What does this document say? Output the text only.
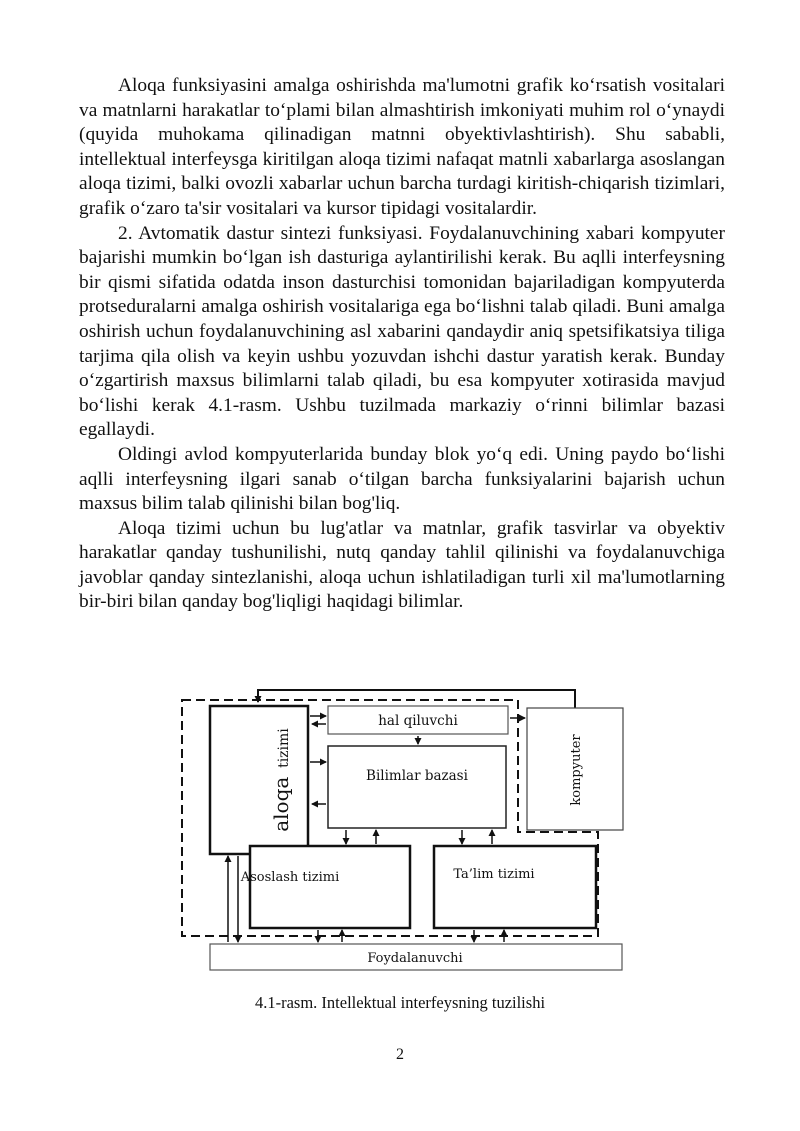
Aloqa funksiyasini amalga oshirishda ma'lumotni grafik koʻrsatish vositalari va matnlarni harakatlar toʻplami bilan almashtirish imkoniyati muhim rol oʻynaydi (quyida muhokama qilinadigan matnni obyektivlashtirish). Shu sababli, intellektual interfeysga kiritilgan aloqa tizimi nafaqat matnli xabarlarga asoslangan aloqa tizimi, balki ovozli xabarlar uchun barcha turdagi kiritish-chiqarish tizimlari, grafik oʻzaro ta'sir vositalari va kursor tipidagi vositalardir.

2. Avtomatik dastur sintezi funksiyasi. Foydalanuvchining xabari kompyuter bajarishi mumkin boʻlgan ish dasturiga aylantirilishi kerak. Bu aqlli interfeysning bir qismi sifatida odatda inson dasturchisi tomonidan bajariladigan kompyuterda protseduralarni amalga oshirish vositalariga ega boʻlishni talab qiladi. Buni amalga oshirish uchun foydalanuvchining asl xabarini qandaydir aniq spetsifikatsiya tiliga tarjima qila olish va keyin ushbu yozuvdan ishchi dastur yaratish kerak. Bunday oʻzgartirish maxsus bilimlarni talab qiladi, bu esa kompyuter xotirasida mavjud boʻlishi kerak 4.1-rasm. Ushbu tuzilmada markaziy oʻrinni bilimlar bazasi egallaydi.

Oldingi avlod kompyuterlarida bunday blok yoʻq edi. Uning paydo boʻlishi aqlli interfeysning ilgari sanab oʻtilgan barcha funksiyalarini bajarish uchun maxsus bilim talab qilinishi bilan bog'liq.

Aloqa tizimi uchun bu lug'atlar va matnlar, grafik tasvirlar va obyektiv harakatlar qanday tushunilishi, nutq qanday tahlil qilinishi va foydalanuvchiga javoblar qanday sintezlanishi, aloqa uchun ishlatiladigan turli xil ma'lumotlarning bir-biri bilan qanday bog'liqligi haqidagi bilimlar.

aloqa tizimi
hal qiluvchi
Bilimlar bazasi	kompyuter
Asoslash tizimi	Ta’lim tizimi
Foydalanuvchi
4.1-rasm. Intellektual interfeysning tuzilishi
2
